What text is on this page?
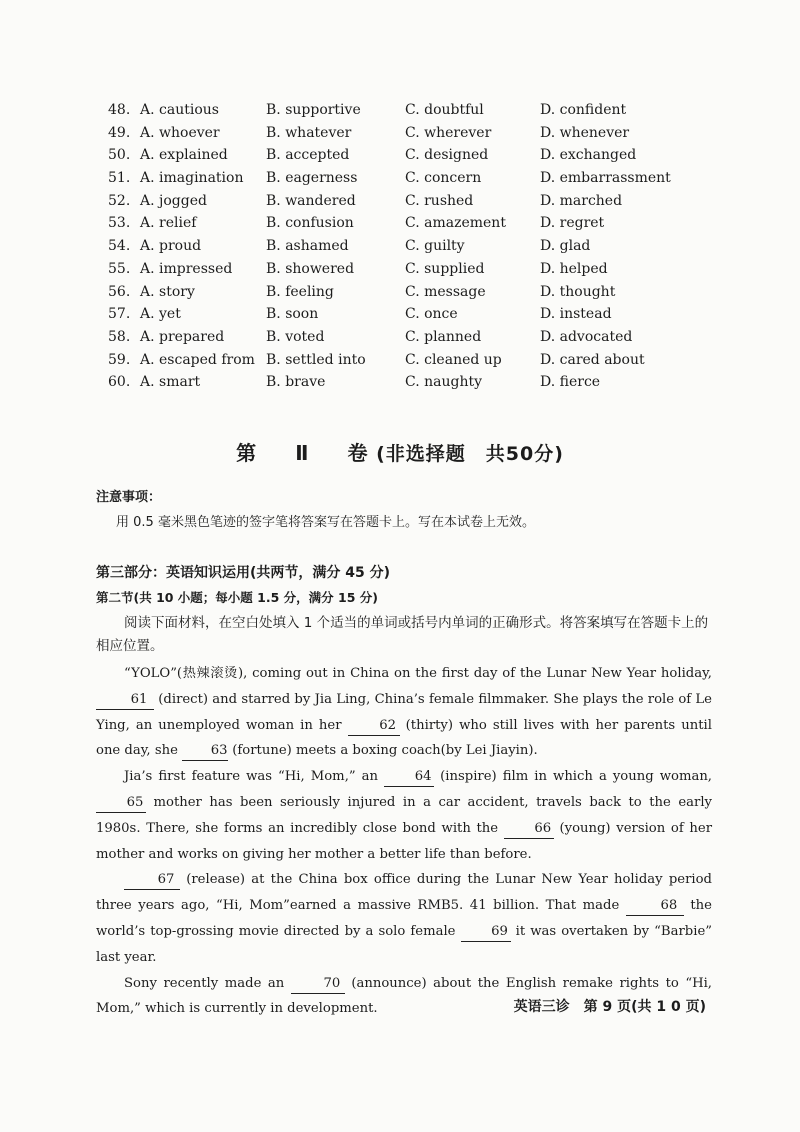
48. A. cautious	B. supportive	C. doubtful	D. confident
49. A. whoever	B. whatever	C. wherever	D. whenever
50. A. explained	B. accepted	C. designed	D. exchanged
51. A. imagination B. eagerness	C. concern	D. embarrassment
52. A. jogged	B. wandered	C. rushed	D. marched
53. A. relief	B. confusion	C. amazement D. regret
54. A. proud	B. ashamed	C. guilty	D. glad
55. A. impressed B. showered	C. supplied	D. helped
56. A. story	B. feeling	C. message	D. thought
57. A. yet	B. soon	C. once	D. instead
58. A. prepared	B. voted	C. planned	D. advocated
59. A. escaped from B. settled into	C. cleaned up	D. cared about
60. A. smart	B. brave	C. naughty	D. fierce
第 Ⅱ 卷 (非选择题　共50分)
注意事项：
用 0.5 毫米黑色笔迹的签字笔将答案写在答题卡上。写在本试卷上无效。
第三部分：英语知识运用(共两节，满分 45 分)
第二节(共 10 小题；每小题 1.5 分，满分 15 分)
阅读下面材料，在空白处填入 1 个适当的单词或括号内单词的正确形式。将答案填写在答题卡上的相应位置。

“YOLO”(热辣滚烫), coming out in China on the first day of the Lunar New Year holiday, 61 (direct) and starred by Jia Ling, China’s female filmmaker. She plays the role of Le Ying, an unemployed woman in her 62 (thirty) who still lives with her parents until one day, she 63 (fortune) meets a boxing coach(by Lei Jiayin).

Jia’s first feature was “Hi, Mom,” an 64 (inspire) film in which a young woman, 65 mother has been seriously injured in a car accident, travels back to the early 1980s. There, she forms an incredibly close bond with the 66 (young) version of her mother and works on giving her mother a better life than before.

67 (release) at the China box office during the Lunar New Year holiday period three years ago, “Hi, Mom”earned a massive RMB5. 41 billion. That made	68 the world’s top-grossing movie directed by a solo female 69 it was overtaken by “Barbie” last year.

Sony recently made an 70 (announce) about the English remake rights to “Hi, Mom,” which is currently in development.	英语三诊　第 9 页(共 1 0 页)
